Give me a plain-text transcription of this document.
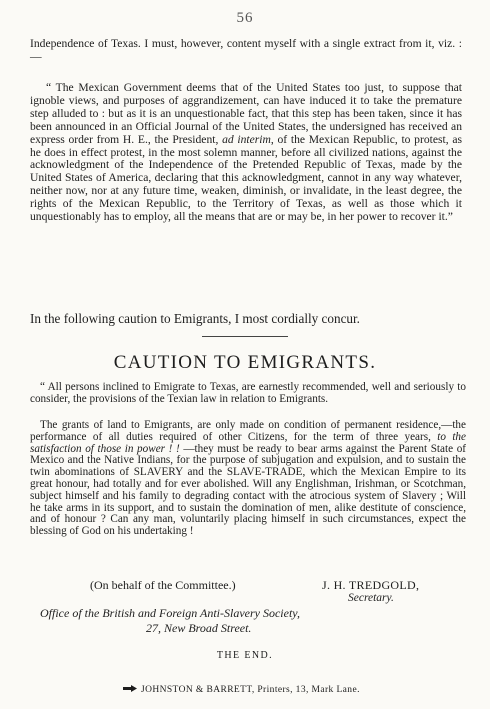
56
Independence of Texas. I must, however, content myself with a single extract from it, viz. :—
“ The Mexican Government deems that of the United States too just, to suppose that ignoble views, and purposes of aggrandizement, can have induced it to take the premature step alluded to : but as it is an unquestionable fact, that this step has been taken, since it has been announced in an Official Journal of the United States, the undersigned has received an express order from H. E., the President, ad interim, of the Mexican Republic, to protest, as he does in effect protest, in the most solemn manner, before all civilized nations, against the acknowledgment of the Independence of the Pretended Republic of Texas, made by the United States of America, declaring that this acknowledgment, cannot in any way whatever, neither now, nor at any future time, weaken, diminish, or invalidate, in the least degree, the rights of the Mexican Republic, to the Territory of Texas, as well as those which it unquestionably has to employ, all the means that are or may be, in her power to recover it.”
In the following caution to Emigrants, I most cordially concur.
CAUTION TO EMIGRANTS.
“ All persons inclined to Emigrate to Texas, are earnestly recommended, well and seriously to consider, the provisions of the Texian law in relation to Emigrants.
The grants of land to Emigrants, are only made on condition of permanent residence,—the performance of all duties required of other Citizens, for the term of three years, to the satisfaction of those in power ! ! —they must be ready to bear arms against the Parent State of Mexico and the Native Indians, for the purpose of subjugation and expulsion, and to sustain the twin abominations of SLAVERY and the SLAVE-TRADE, which the Mexican Empire to its great honour, had totally and for ever abolished. Will any Englishman, Irishman, or Scotchman, subject himself and his family to degrading contact with the atrocious system of Slavery ; Will he take arms in its support, and to sustain the domination of men, alike destitute of conscience, and of honour ? Can any man, voluntarily placing himself in such circumstances, expect the blessing of God on his undertaking !
(On behalf of the Committee.)	J. H. TREDGOLD,
Secretary.
Office of the British and Foreign Anti-Slavery Society,
27, New Broad Street.
THE END.
JOHNSTON & BARRETT, Printers, 13, Mark Lane.
